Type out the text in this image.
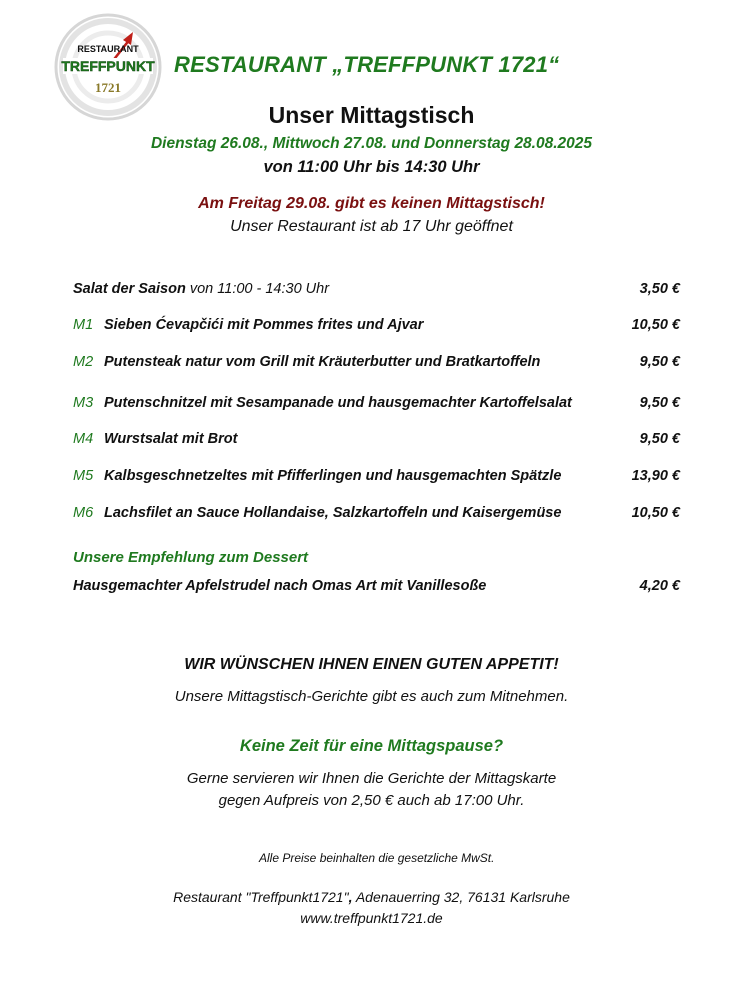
RESTAURANT
TREFFPUNKT
1721
RESTAURANT „TREFFPUNKT 1721“
Unser Mittagstisch
Dienstag 26.08., Mittwoch 27.08. und Donnerstag 28.08.2025
von 11:00 Uhr bis 14:30 Uhr
Am Freitag 29.08. gibt es keinen Mittagstisch!
Unser Restaurant ist ab 17 Uhr geöffnet
Salat der Saison von 11:00 - 14:30 Uhr	3,50 €
M1 Sieben Ćevapčići mit Pommes frites und Ajvar	10,50 €
M2 Putensteak natur vom Grill mit Kräuterbutter und Bratkartoffeln	9,50 €
M3 Putenschnitzel mit Sesampanade und hausgemachter Kartoffelsalat	9,50 €
M4 Wurstsalat mit Brot	9,50 €
M5 Kalbsgeschnetzeltes mit Pfifferlingen und hausgemachten Spätzle	13,90 €
M6 Lachsfilet an Sauce Hollandaise, Salzkartoffeln und Kaisergemüse	10,50 €
Unsere Empfehlung zum Dessert
Hausgemachter Apfelstrudel nach Omas Art mit Vanillesoße	4,20 €
WIR WÜNSCHEN IHNEN EINEN GUTEN APPETIT!
Unsere Mittagstisch-Gerichte gibt es auch zum Mitnehmen.
Keine Zeit für eine Mittagspause?
Gerne servieren wir Ihnen die Gerichte der Mittagskarte
gegen Aufpreis von 2,50 € auch ab 17:00 Uhr.
Alle Preise beinhalten die gesetzliche MwSt.
Restaurant "Treffpunkt1721", Adenauerring 32, 76131 Karlsruhe
www.treffpunkt1721.de
